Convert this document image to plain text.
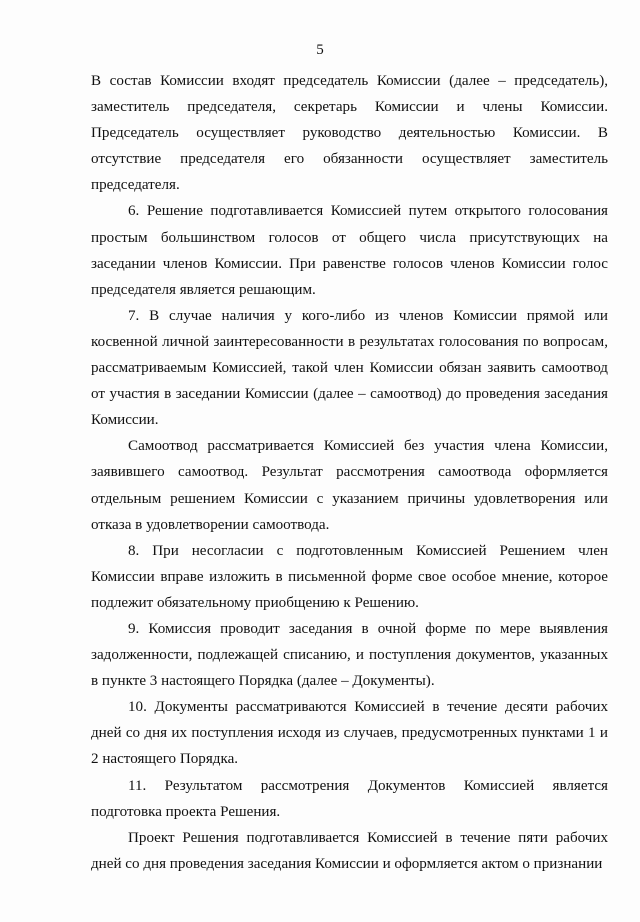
5

В состав Комиссии входят председатель Комиссии (далее – председатель), заместитель председателя, секретарь Комиссии и члены Комиссии. Председатель осуществляет руководство деятельностью Комиссии. В отсутствие председателя его обязанности осуществляет заместитель председателя.

6. Решение подготавливается Комиссией путем открытого голосования простым большинством голосов от общего числа присутствующих на заседании членов Комиссии. При равенстве голосов членов Комиссии голос председателя является решающим.

7. В случае наличия у кого-либо из членов Комиссии прямой или косвенной личной заинтересованности в результатах голосования по вопросам, рассматриваемым Комиссией, такой член Комиссии обязан заявить самоотвод от участия в заседании Комиссии (далее – самоотвод) до проведения заседания Комиссии.

Самоотвод рассматривается Комиссией без участия члена Комиссии, заявившего самоотвод. Результат рассмотрения самоотвода оформляется отдельным решением Комиссии с указанием причины удовлетворения или отказа в удовлетворении самоотвода.

8. При несогласии с подготовленным Комиссией Решением член Комиссии вправе изложить в письменной форме свое особое мнение, которое подлежит обязательному приобщению к Решению.

9. Комиссия проводит заседания в очной форме по мере выявления задолженности, подлежащей списанию, и поступления документов, указанных в пункте 3 настоящего Порядка (далее – Документы).

10. Документы рассматриваются Комиссией в течение десяти рабочих дней со дня их поступления исходя из случаев, предусмотренных пунктами 1 и 2 настоящего Порядка.

11. Результатом рассмотрения Документов Комиссией является подготовка проекта Решения.

Проект Решения подготавливается Комиссией в течение пяти рабочих дней со дня проведения заседания Комиссии и оформляется актом о признании
